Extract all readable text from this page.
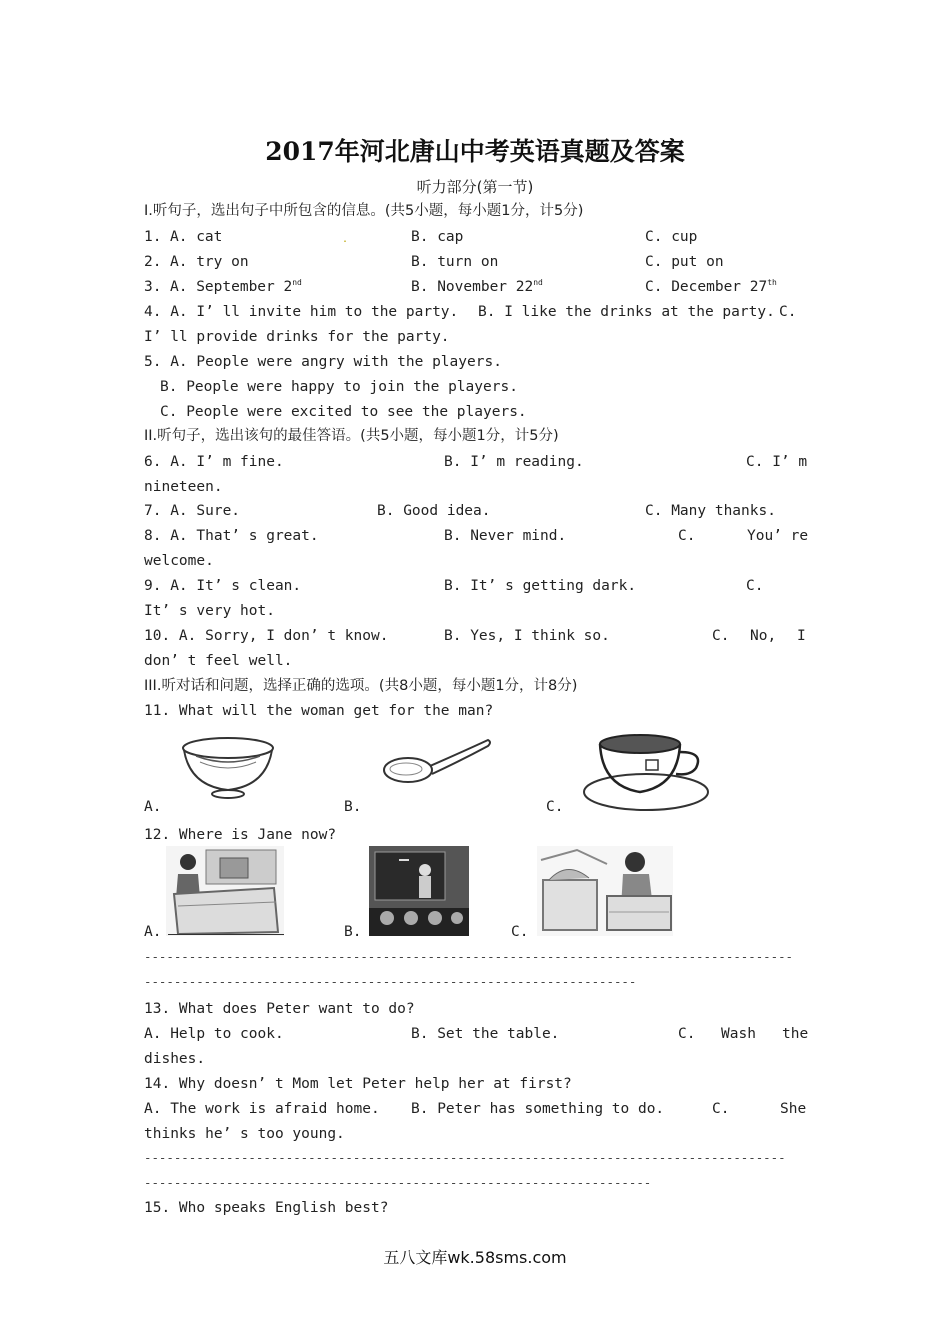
2017年河北唐山中考英语真题及答案
听力部分(第一节)
I.听句子，选出句子中所包含的信息。(共5小题，每小题1分，计5分)
1. A. cat	B. cap	C. cup
.
2. A. try on	B. turn on	C. put on
3. A. September 2nd	B. November 22nd	C. December 27th
4. A. I’ ll invite him to the party. B. I like the drinks at the party. C.
I’ ll provide drinks for the party.
5. A. People were angry with the players.
B. People were happy to join the players.
C. People were excited to see the players.
II.听句子，选出该句的最佳答语。(共5小题，每小题1分，计5分)
6. A. I’ m fine.	B. I’ m reading.	C. I’ m
nineteen.
7. A. Sure.	B. Good idea.	C. Many thanks.
8. A. That’ s great.	B. Never mind.	C.	You’ re
welcome.
9. A. It’ s clean.	B. It’ s getting dark.	C.
It’ s very hot.
10. A. Sorry, I don’ t know.	B. Yes, I think so.	C. No, I
don’ t feel well.
III.听对话和问题，选择正确的选项。(共8小题，每小题1分，计8分)
11. What will the woman get for the man?
A.	B.	C.
12. Where is Jane now?
A.	B.	C.
---------------------------------------------------------------------------------------
------------------------------------------------------------------
13. What does Peter want to do?
A. Help to cook.	B. Set the table.	C. Wash the
dishes.
14. Why doesn’ t Mom let Peter help her at first?
A. The work is afraid home. B. Peter has something to do.	C.	She
thinks he’ s too young.
--------------------------------------------------------------------------------------
--------------------------------------------------------------------
15. Who speaks English best?
五八文库wk.58sms.com
